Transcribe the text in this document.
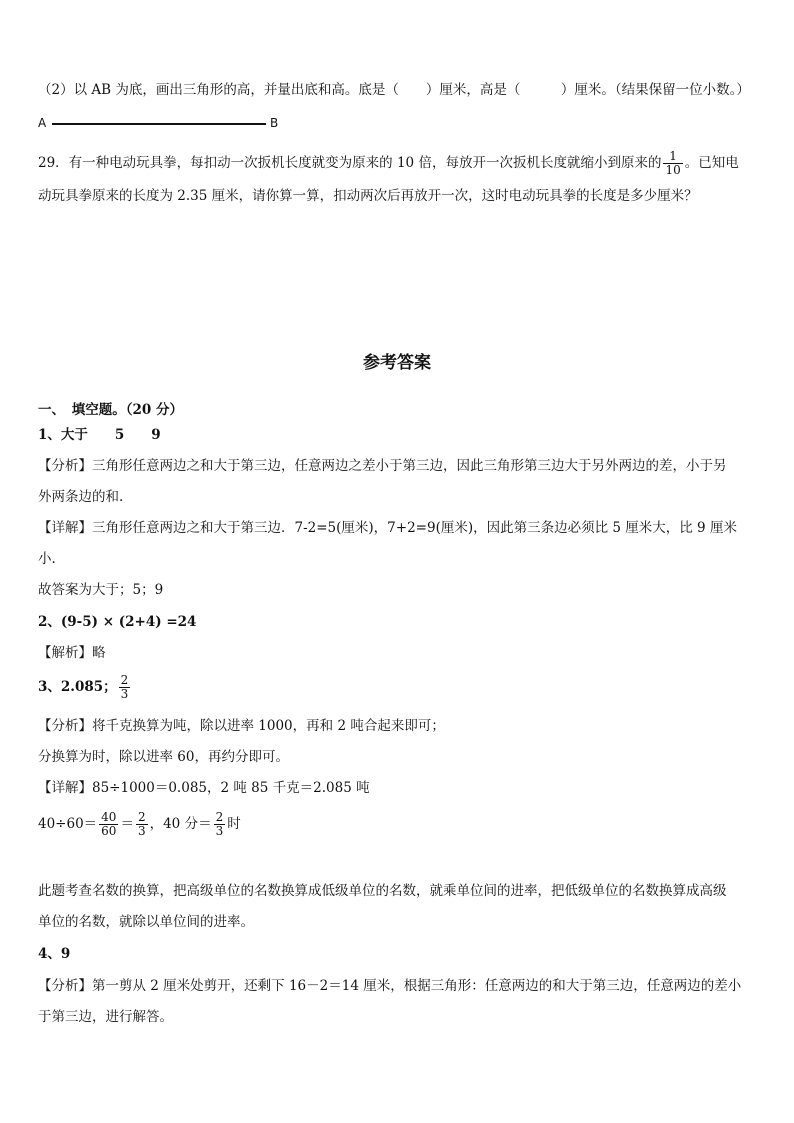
（2）以 AB 为底，画出三角形的高，并量出底和高。底是（　　）厘米，高是（　　　）厘米。（结果保留一位小数。）
A	B
29．有一种电动玩具拳，每扣动一次扳机长度就变为原来的 10 倍，每放开一次扳机长度就缩小到原来的 $\frac{1}{10}$ 。已知电
动玩具拳原来的长度为 2.35 厘米，请你算一算，扣动两次后再放开一次，这时电动玩具拳的长度是多少厘米？
参考答案
一、　填空题。（20 分）
1、大于　　5　　9
【分析】三角形任意两边之和大于第三边，任意两边之差小于第三边，因此三角形第三边大于另外两边的差，小于另
外两条边的和.
【详解】三角形任意两边之和大于第三边．7-2=5(厘米)，7+2=9(厘米)，因此第三条边必须比 5 厘米大，比 9 厘米
小.
故答案为大于；5；9
2、(9-5) × (2+4) =24
【解析】略
3、2.085； $\frac{2}{3}$
【分析】将千克换算为吨，除以进率 1000，再和 2 吨合起来即可；
分换算为时，除以进率 60，再约分即可。
【详解】85÷1000＝0.085，2 吨 85 千克＝2.085 吨
$40\div 60= \frac{40}{60} = \frac{2}{3}$ ，40 分＝ $\frac{2}{3}$ 时
此题考查名数的换算，把高级单位的名数换算成低级单位的名数，就乘单位间的进率，把低级单位的名数换算成高级
单位的名数，就除以单位间的进率。
4、9
【分析】第一剪从 2 厘米处剪开，还剩下 16－2＝14 厘米，根据三角形：任意两边的和大于第三边，任意两边的差小
于第三边，进行解答。
